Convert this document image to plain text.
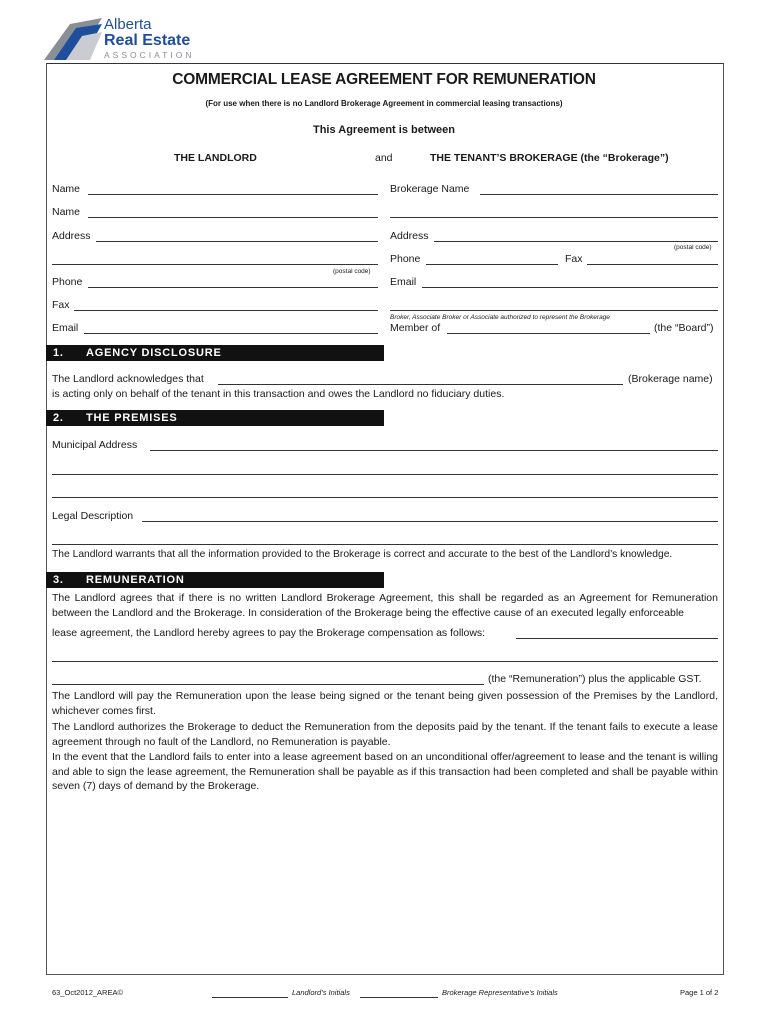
Alberta
Real Estate
ASSOCIATION
COMMERCIAL LEASE AGREEMENT FOR REMUNERATION
(For use when there is no Landlord Brokerage Agreement in commercial leasing transactions)
This Agreement is between
THE LANDLORD	and	THE TENANT’S BROKERAGE (the “Brokerage”)
Name
Name
Address
(postal code)
Phone
Fax
Email
Brokerage Name
Address
(postal code)
Phone	Fax
Email
Broker, Associate Broker or Associate authorized to represent the Brokerage
Member of	(the “Board”)
1. AGENCY DISCLOSURE
The Landlord acknowledges that	(Brokerage name)
is acting only on behalf of the tenant in this transaction and owes the Landlord no fiduciary duties.
2. THE PREMISES
Municipal Address
Legal Description
The Landlord warrants that all the information provided to the Brokerage is correct and accurate to the best of the Landlord’s knowledge.
3. REMUNERATION
The Landlord agrees that if there is no written Landlord Brokerage Agreement, this shall be regarded as an Agreement for Remuneration between the Landlord and the Brokerage. In consideration of the Brokerage being the effective cause of an executed legally enforceable
lease agreement, the Landlord hereby agrees to pay the Brokerage compensation as follows:
(the “Remuneration”) plus the applicable GST.
The Landlord will pay the Remuneration upon the lease being signed or the tenant being given possession of the Premises by the Landlord, whichever comes first.
The Landlord authorizes the Brokerage to deduct the Remuneration from the deposits paid by the tenant. If the tenant fails to execute a lease agreement through no fault of the Landlord, no Remuneration is payable.
In the event that the Landlord fails to enter into a lease agreement based on an unconditional offer/agreement to lease and the tenant is willing and able to sign the lease agreement, the Remuneration shall be payable as if this transaction had been completed and shall be payable within seven (7) days of demand by the Brokerage.
63_Oct2012_AREA©	Landlord’s Initials	Brokerage Representative’s Initials	Page 1 of 2
